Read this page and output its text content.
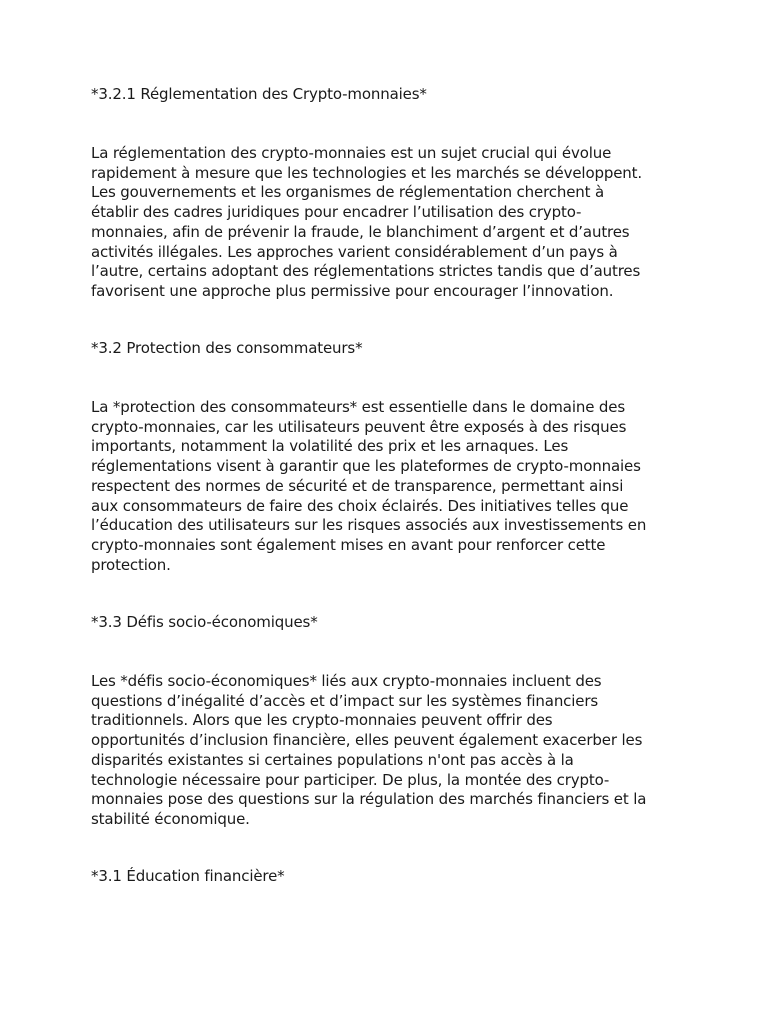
*3.2.1 Réglementation des Crypto-monnaies*

La réglementation des crypto-monnaies est un sujet crucial qui évolue
rapidement à mesure que les technologies et les marchés se développent.
Les gouvernements et les organismes de réglementation cherchent à
établir des cadres juridiques pour encadrer l’utilisation des crypto-
monnaies, afin de prévenir la fraude, le blanchiment d’argent et d’autres
activités illégales. Les approches varient considérablement d’un pays à
l’autre, certains adoptant des réglementations strictes tandis que d’autres
favorisent une approche plus permissive pour encourager l’innovation.

*3.2 Protection des consommateurs*

La *protection des consommateurs* est essentielle dans le domaine des
crypto-monnaies, car les utilisateurs peuvent être exposés à des risques
importants, notamment la volatilité des prix et les arnaques. Les
réglementations visent à garantir que les plateformes de crypto-monnaies
respectent des normes de sécurité et de transparence, permettant ainsi
aux consommateurs de faire des choix éclairés. Des initiatives telles que
l’éducation des utilisateurs sur les risques associés aux investissements en
crypto-monnaies sont également mises en avant pour renforcer cette
protection.

*3.3 Défis socio-économiques*

Les *défis socio-économiques* liés aux crypto-monnaies incluent des
questions d’inégalité d’accès et d’impact sur les systèmes financiers
traditionnels. Alors que les crypto-monnaies peuvent offrir des
opportunités d’inclusion financière, elles peuvent également exacerber les
disparités existantes si certaines populations n'ont pas accès à la
technologie nécessaire pour participer. De plus, la montée des crypto-
monnaies pose des questions sur la régulation des marchés financiers et la
stabilité économique.

*3.1 Éducation financière*
